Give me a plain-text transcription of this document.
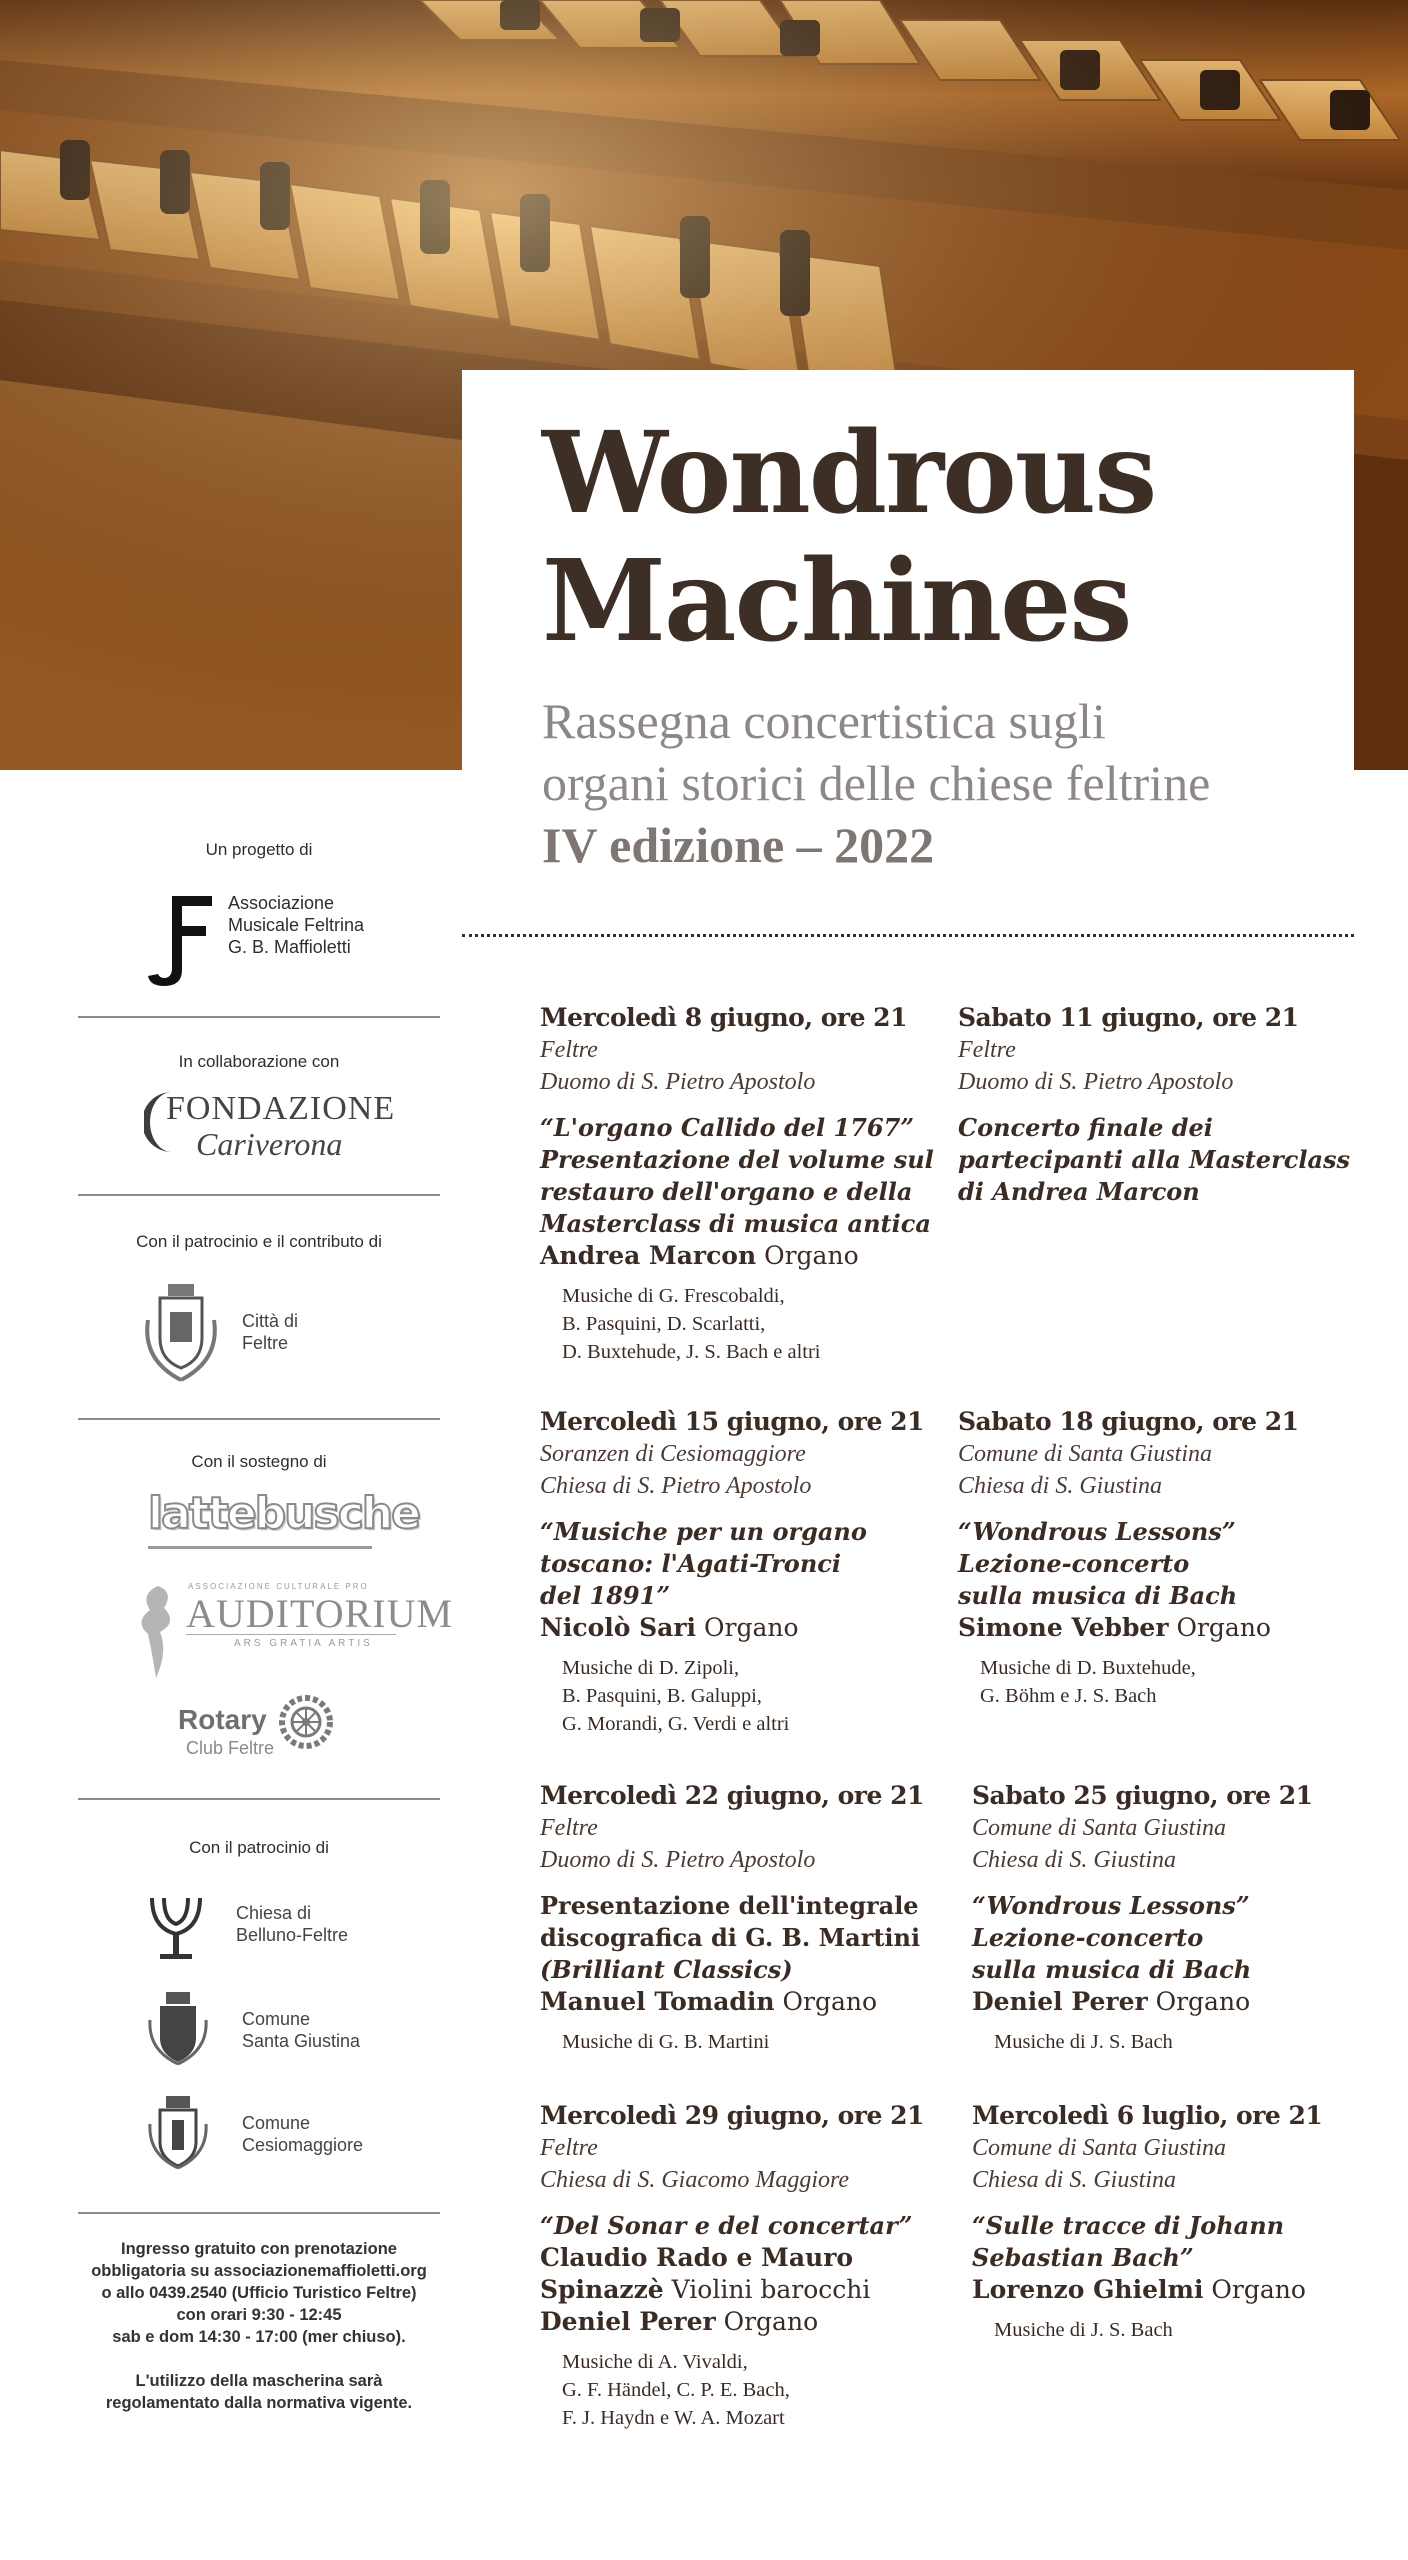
Wondrous
Machines
Rassegna concertistica sugli
organi storici delle chiese feltrine
IV edizione – 2022
Un progetto di
Associazione
Musicale Feltrina
G. B. Maffioletti
In collaborazione con
FONDAZIONE
Cariverona
Con il patrocinio e il contributo di
Città di
Feltre
Con il sostegno di
lattebusche
ASSOCIAZIONE CULTURALE PRO
AUDITORIUM
ARS GRATIA ARTIS
Rotary
Club Feltre
Con il patrocinio di
Chiesa di
Belluno-Feltre
Comune
Santa Giustina
Comune
Cesiomaggiore

Ingresso gratuito con prenotazione

obbligatoria su associazionemaffioletti.org

o allo 0439.2540 (Ufficio Turistico Feltre)

con orari 9:30 - 12:45

sab e dom 14:30 - 17:00 (mer chiuso).

L'utilizzo della mascherina sarà

regolamentato dalla normativa vigente.

Mercoledì 8 giugno, ore 21
Feltre
Duomo di S. Pietro Apostolo
“L'organo Callido del 1767”
Presentazione del volume sul
restauro dell'organo e della
Masterclass di musica antica
Andrea Marcon Organo
Musiche di G. Frescobaldi,
B. Pasquini, D. Scarlatti,
D. Buxtehude, J. S. Bach e altri
Sabato 11 giugno, ore 21
Feltre
Duomo di S. Pietro Apostolo
Concerto finale dei
partecipanti alla Masterclass
di Andrea Marcon
Mercoledì 15 giugno, ore 21
Soranzen di Cesiomaggiore
Chiesa di S. Pietro Apostolo
“Musiche per un organo
toscano: l'Agati-Tronci
del 1891”
Nicolò Sari Organo
Musiche di D. Zipoli,
B. Pasquini, B. Galuppi,
G. Morandi, G. Verdi e altri
Sabato 18 giugno, ore 21
Comune di Santa Giustina
Chiesa di S. Giustina
“Wondrous Lessons”
Lezione-concerto
sulla musica di Bach
Simone Vebber Organo
Musiche di D. Buxtehude,
G. Böhm e J. S. Bach
Mercoledì 22 giugno, ore 21
Feltre
Duomo di S. Pietro Apostolo
Presentazione dell'integrale
discografica di G. B. Martini
(Brilliant Classics)
Manuel Tomadin Organo
Musiche di G. B. Martini
Sabato 25 giugno, ore 21
Comune di Santa Giustina
Chiesa di S. Giustina
“Wondrous Lessons”
Lezione-concerto
sulla musica di Bach
Deniel Perer Organo
Musiche di J. S. Bach
Mercoledì 29 giugno, ore 21
Feltre
Chiesa di S. Giacomo Maggiore
“Del Sonar e del concertar”
Claudio Rado e Mauro
Spinazzè Violini barocchi
Deniel Perer Organo
Musiche di A. Vivaldi,
G. F. Händel, C. P. E. Bach,
F. J. Haydn e W. A. Mozart
Mercoledì 6 luglio, ore 21
Comune di Santa Giustina
Chiesa di S. Giustina
“Sulle tracce di Johann
Sebastian Bach”
Lorenzo Ghielmi Organo
Musiche di J. S. Bach
